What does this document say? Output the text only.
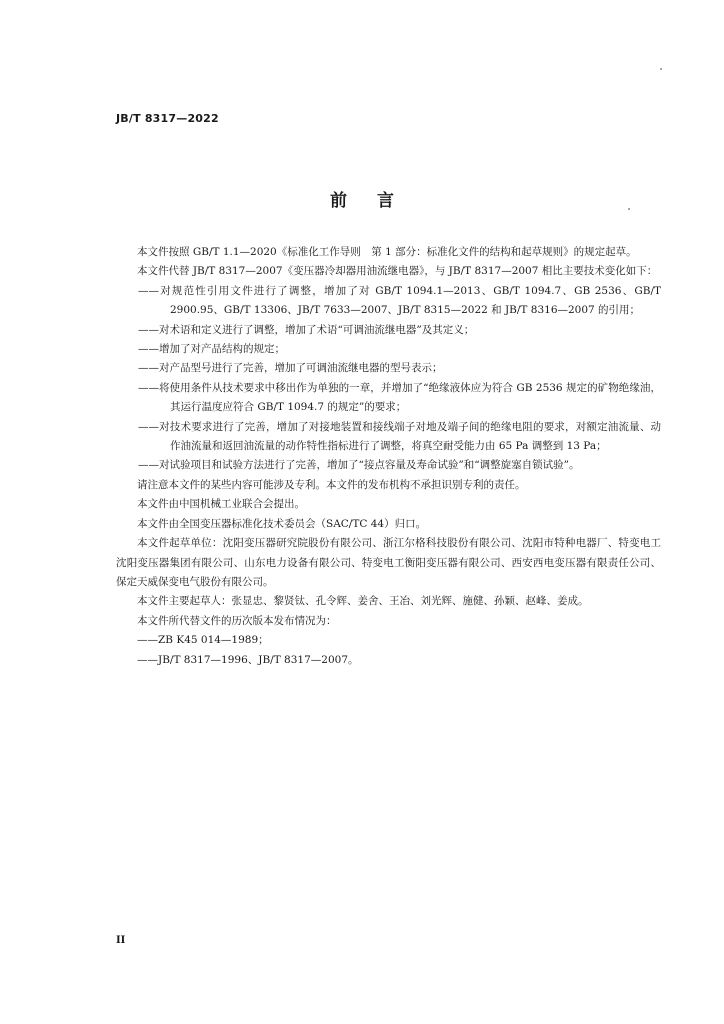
JB/T 8317—2022
前言

本文件按照 GB/T 1.1—2020《标准化工作导则　第 1 部分：标准化文件的结构和起草规则》的规定起草。

本文件代替 JB/T 8317—2007《变压器冷却器用油流继电器》，与 JB/T 8317—2007 相比主要技术变化如下：

——对规范性引用文件进行了调整，增加了对 GB/T 1094.1—2013、GB/T 1094.7、GB 2536、GB/T 2900.95、GB/T 13306、JB/T 7633—2007、JB/T 8315—2022 和 JB/T 8316—2007 的引用；

——对术语和定义进行了调整，增加了术语“可调油流继电器”及其定义；

——增加了对产品结构的规定；

——对产品型号进行了完善，增加了可调油流继电器的型号表示；

——将使用条件从技术要求中移出作为单独的一章，并增加了“绝缘液体应为符合 GB 2536 规定的矿物绝缘油，其运行温度应符合 GB/T 1094.7 的规定”的要求；

——对技术要求进行了完善，增加了对接地装置和接线端子对地及端子间的绝缘电阻的要求，对额定油流量、动作油流量和返回油流量的动作特性指标进行了调整，将真空耐受能力由 65 Pa 调整到 13 Pa；

——对试验项目和试验方法进行了完善，增加了“接点容量及寿命试验”和“调整旋塞自锁试验”。

请注意本文件的某些内容可能涉及专利。本文件的发布机构不承担识别专利的责任。

本文件由中国机械工业联合会提出。

本文件由全国变压器标准化技术委员会（SAC/TC 44）归口。

本文件起草单位：沈阳变压器研究院股份有限公司、浙江尔格科技股份有限公司、沈阳市特种电器厂、特变电工沈阳变压器集团有限公司、山东电力设备有限公司、特变电工衡阳变压器有限公司、西安西电变压器有限责任公司、保定天威保变电气股份有限公司。

本文件主要起草人：张显忠、黎贤钛、孔令辉、姜舍、王冶、刘光辉、施健、孙颖、赵峰、姜成。

本文件所代替文件的历次版本发布情况为：

——ZB K45 014—1989；

——JB/T 8317—1996、JB/T 8317—2007。

II
